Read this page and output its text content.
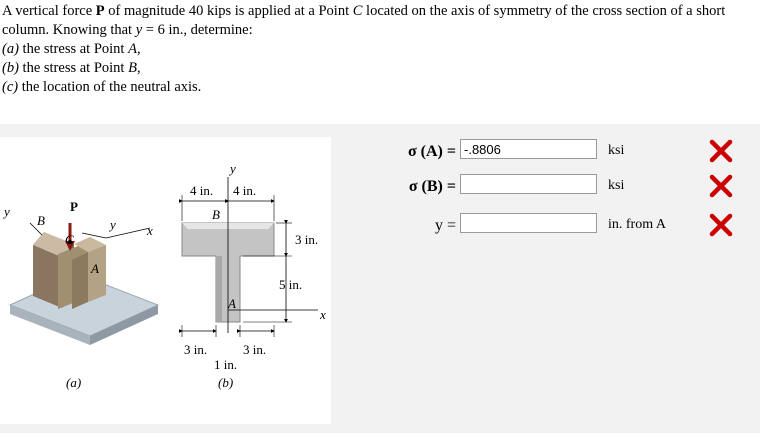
A vertical force P of magnitude 40 kips is applied at a Point C located on the axis of symmetry of the cross section of a short

column. Knowing that y = 6 in., determine:

(a) the stress at Point A,

(b) the stress at Point B,

(c) the location of the neutral axis.

P
y
B
C
y x
A
(a)
y
4 in. 4 in.
B
3 in.
5 in.
x
A
3 in.	3 in.
1 in.
(b)
σ (A) =
-.8806	ksi
σ (B) =	ksi
y =	in. from A
